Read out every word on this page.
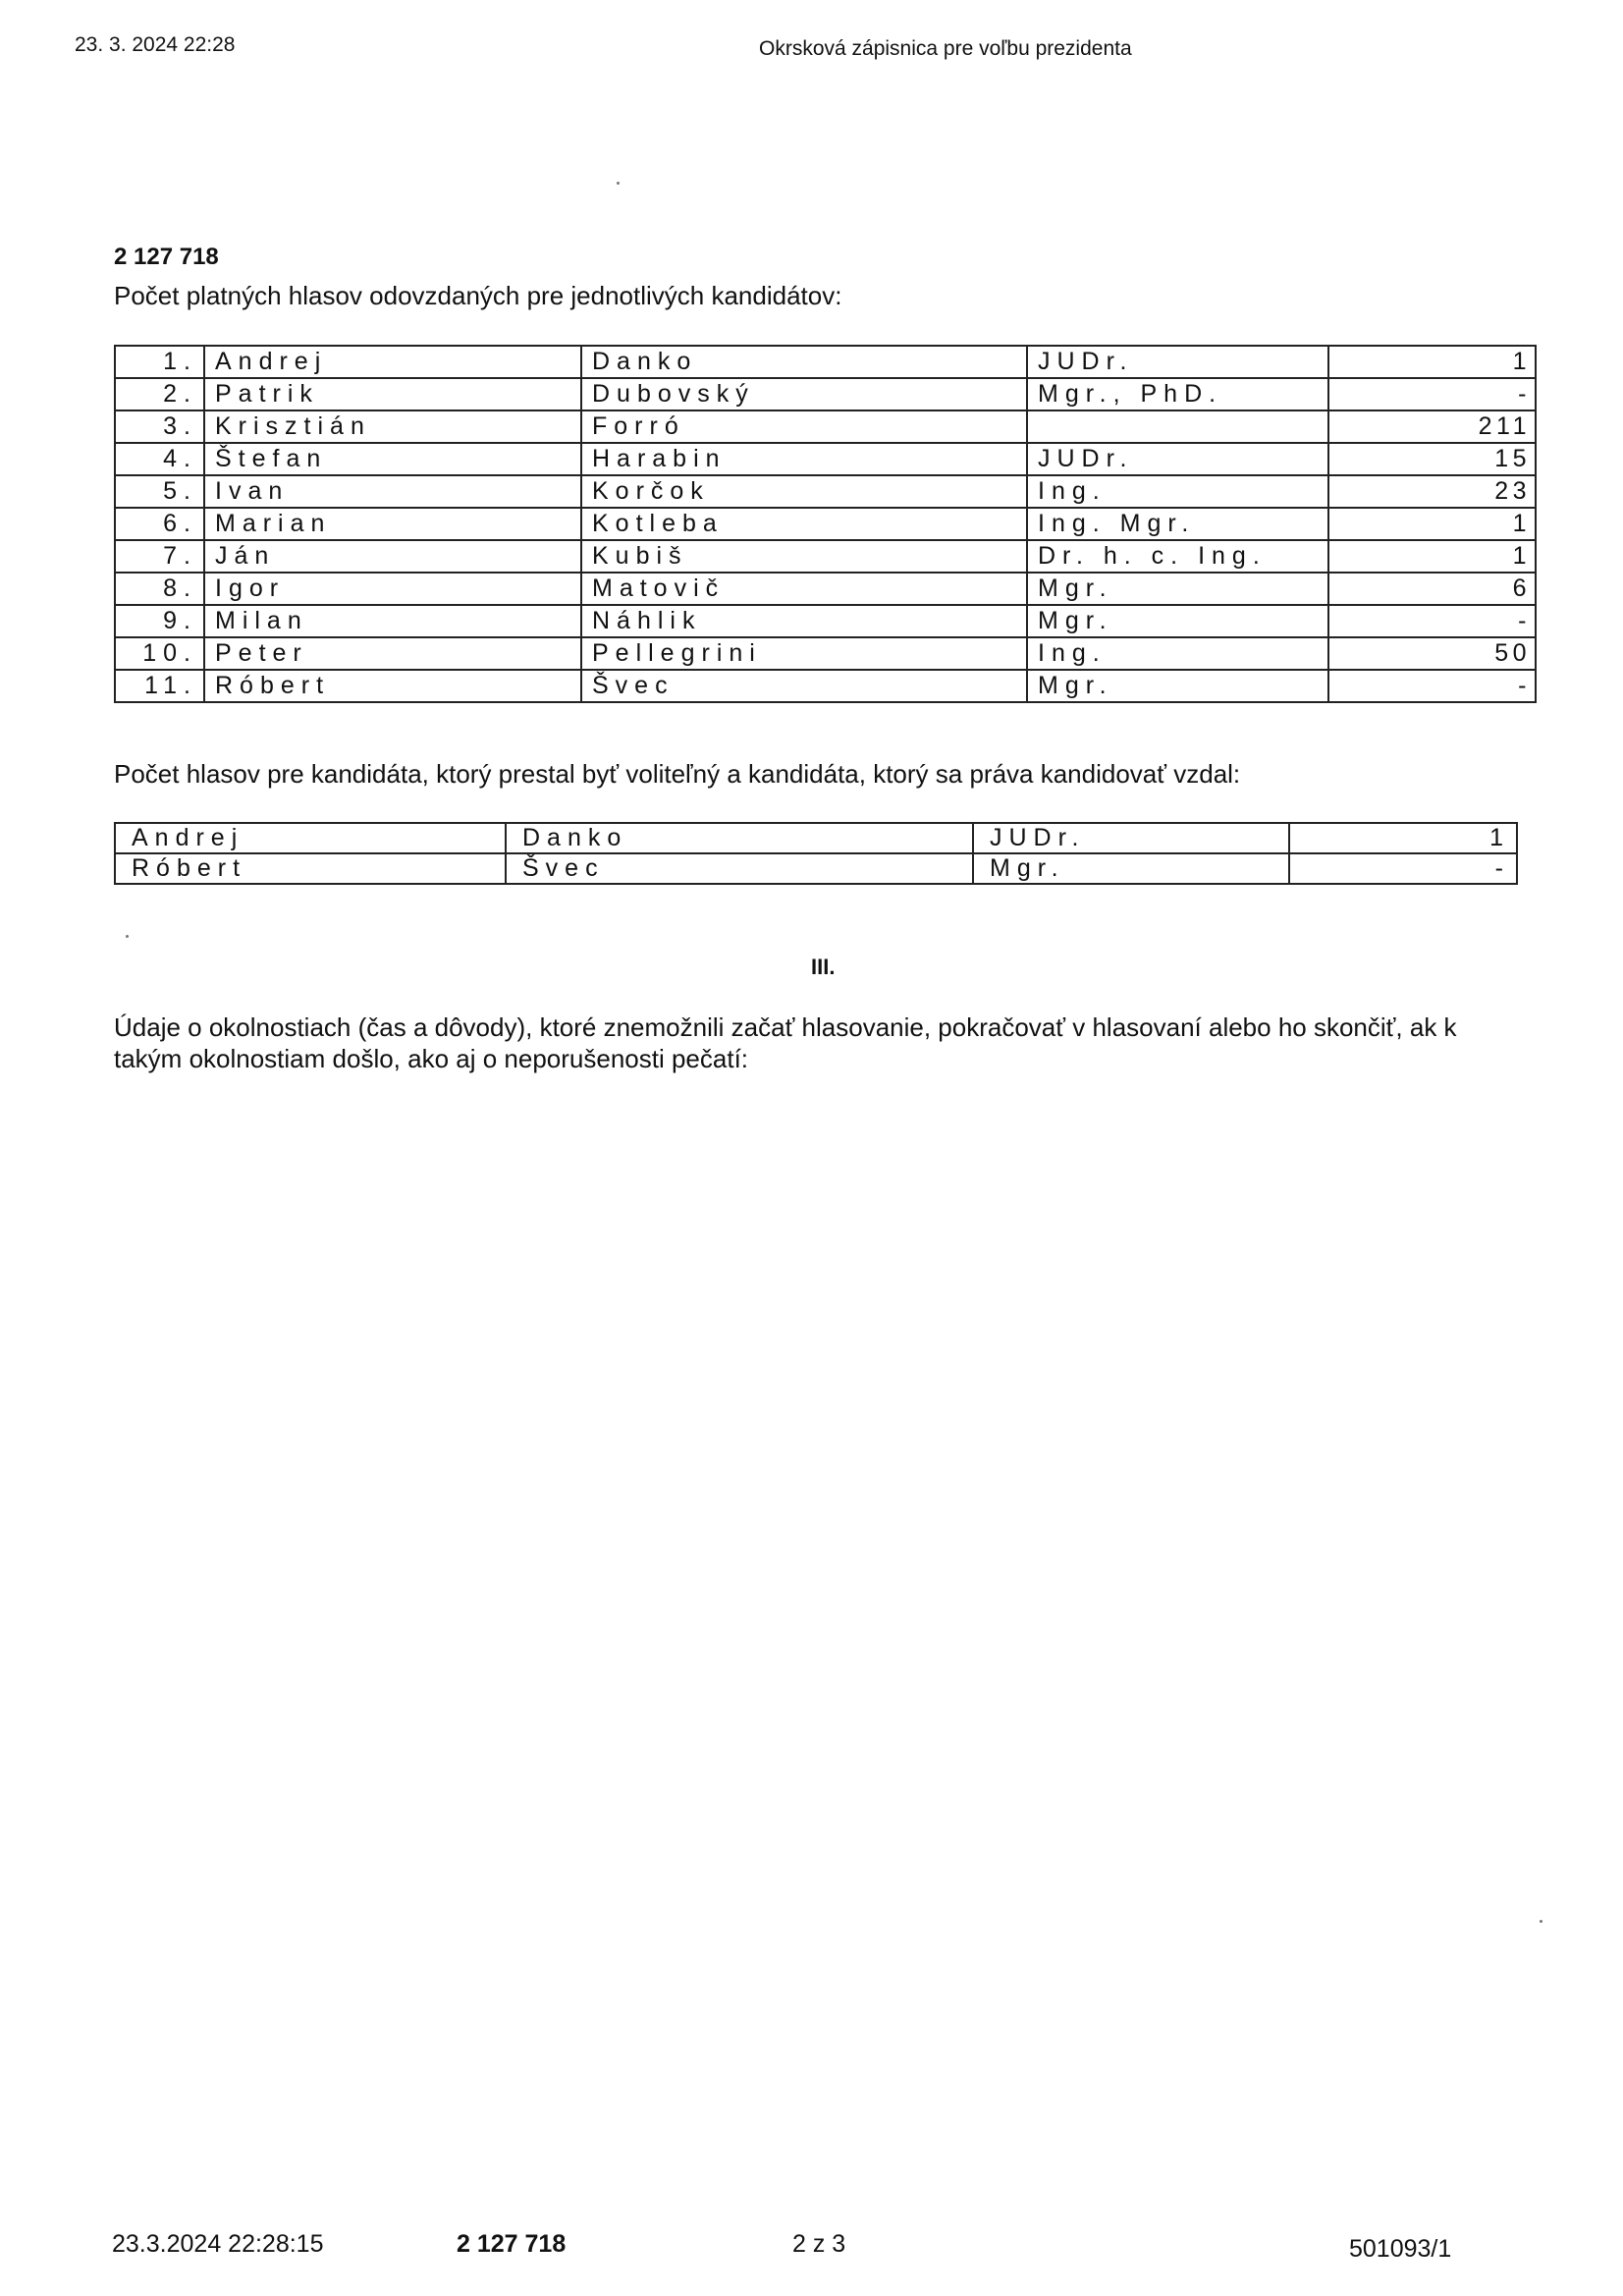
23. 3. 2024 22:28	Okrsková zápisnica pre voľbu prezidenta
2 127 718
Počet platných hlasov odovzdaných pre jednotlivých kandidátov:
1.	Andrej	Danko	JUDr.	1
2.	Patrik	Dubovský	Mgr., PhD.	-
3.	Krisztián	Forró		211
4.	Štefan	Harabin	JUDr.	15
5.	Ivan	Korčok	Ing.	23
6.	Marian	Kotleba	Ing. Mgr.	1
7.	Ján	Kubiš	Dr. h. c. Ing.	1
8.	Igor	Matovič	Mgr.	6
9.	Milan	Náhlik	Mgr.	-
10.	Peter	Pellegrini	Ing.	50
11.	Róbert	Švec	Mgr.	-
Počet hlasov pre kandidáta, ktorý prestal byť voliteľný a kandidáta, ktorý sa práva kandidovať vzdal:
Andrej	Danko	JUDr.	1
Róbert	Švec	Mgr.	-
III.
Údaje o okolnostiach (čas a dôvody), ktoré znemožnili začať hlasovanie, pokračovať v hlasovaní alebo ho skončiť, ak k takým okolnostiam došlo, ako aj o neporušenosti pečatí:
23.3.2024 22:28:15	2 127 718	2 z 3	501093/1
